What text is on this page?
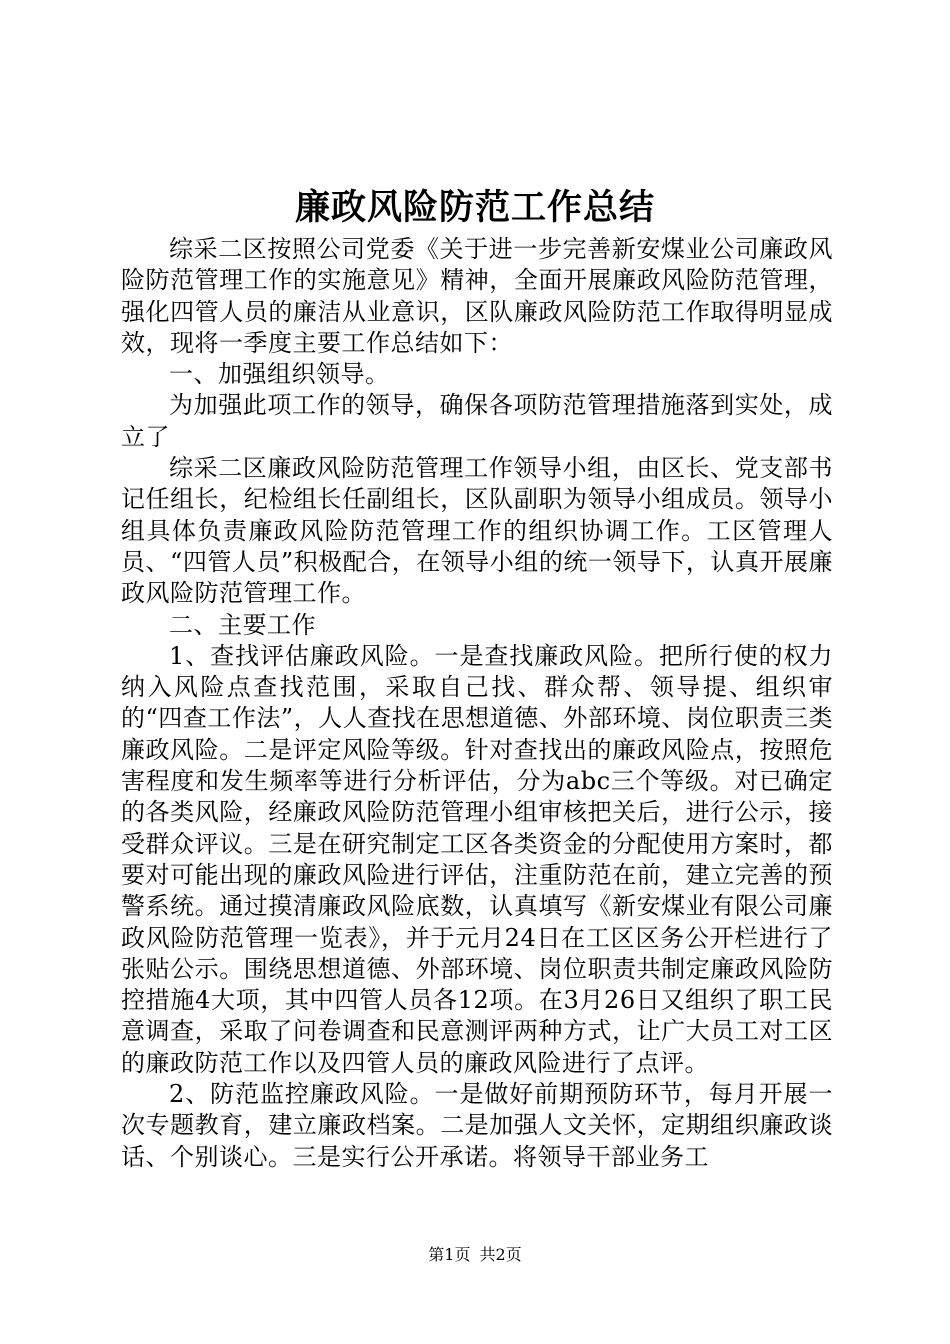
廉政风险防范工作总结

综采二区按照公司党委《关于进一步完善新安煤业公司廉政风险防范管理工作的实施意见》精神，全面开展廉政风险防范管理，强化四管人员的廉洁从业意识，区队廉政风险防范工作取得明显成效，现将一季度主要工作总结如下：

一、加强组织领导。

为加强此项工作的领导，确保各项防范管理措施落到实处，成立了

综采二区廉政风险防范管理工作领导小组，由区长、党支部书记任组长，纪检组长任副组长，区队副职为领导小组成员。领导小组具体负责廉政风险防范管理工作的组织协调工作。工区管理人员、“四管人员”积极配合，在领导小组的统一领导下，认真开展廉政风险防范管理工作。

二、主要工作

1、查找评估廉政风险。一是查找廉政风险。把所行使的权力纳入风险点查找范围，采取自己找、群众帮、领导提、组织审的“四查工作法”，人人查找在思想道德、外部环境、岗位职责三类廉政风险。二是评定风险等级。针对查找出的廉政风险点，按照危害程度和发生频率等进行分析评估，分为abc三个等级。对已确定的各类风险，经廉政风险防范管理小组审核把关后，进行公示，接受群众评议。三是在研究制定工区各类资金的分配使用方案时，都要对可能出现的廉政风险进行评估，注重防范在前，建立完善的预警系统。通过摸清廉政风险底数，认真填写《新安煤业有限公司廉政风险防范管理一览表》，并于元月24日在工区区务公开栏进行了张贴公示。围绕思想道德、外部环境、岗位职责共制定廉政风险防控措施4大项，其中四管人员各12项。在3月26日又组织了职工民意调查，采取了问卷调查和民意测评两种方式，让广大员工对工区的廉政防范工作以及四管人员的廉政风险进行了点评。

2、防范监控廉政风险。一是做好前期预防环节，每月开展一次专题教育，建立廉政档案。二是加强人文关怀，定期组织廉政谈话、个别谈心。三是实行公开承诺。将领导干部业务工

第1页 共2页
